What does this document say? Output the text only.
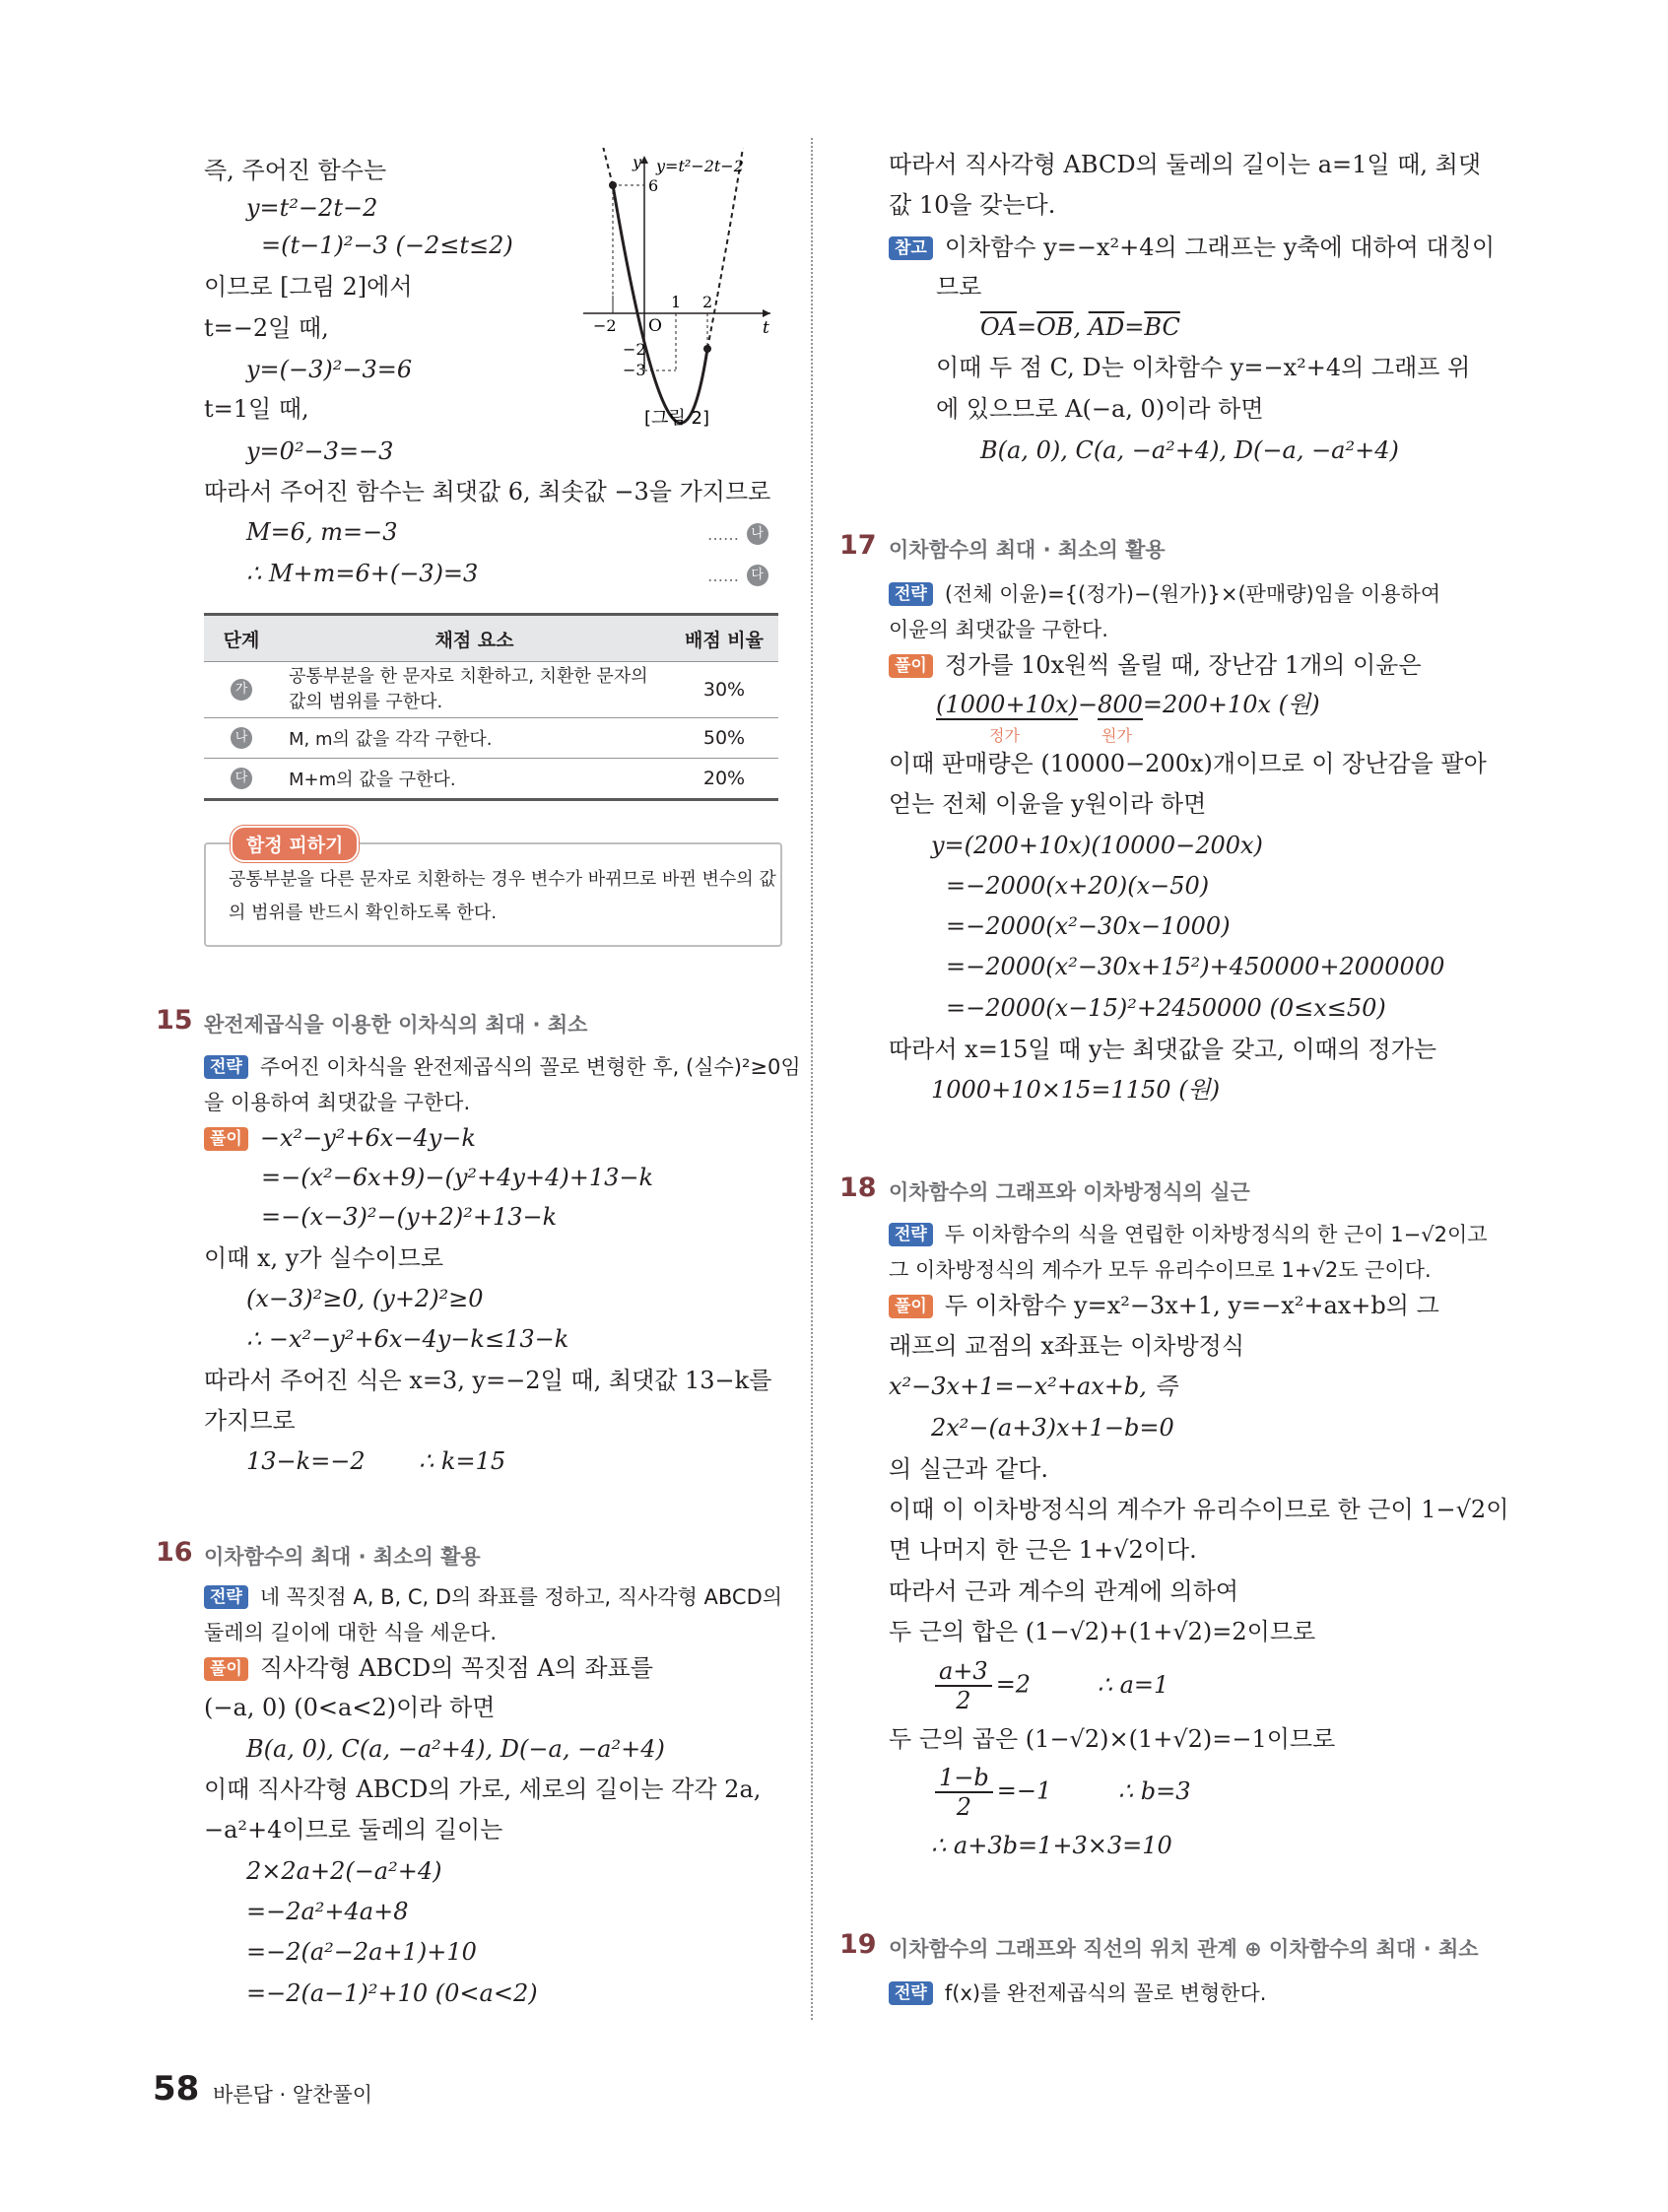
즉, 주어진 함수는
y=t²−2t−2
=(t−1)²−3 (−2≤t≤2)
이므로 [그림 2]에서
t=−2일 때,
y=(−3)²−3=6
t=1일 때,
y=0²−3=−3
따라서 주어진 함수는 최댓값 6, 최솟값 −3을 가지므로
M=6, m=−3	…… 나
∴ M+m=6+(−3)=3	…… 다
y=t²−2t−2
y
t
6
−2 O
1 2
−2
−3
[그림 2]
단계	채점 요소	배점 비율
가	공통부분을 한 문자로 치환하고, 치환한 문자의 값의 범위를 구한다.	30%
나	M, m의 값을 각각 구한다.	50%
다	M+m의 값을 구한다.	20%
함정 피하기
공통부분을 다른 문자로 치환하는 경우 변수가 바뀌므로 바뀐 변수의 값
의 범위를 반드시 확인하도록 한다.
15 완전제곱식을 이용한 이차식의 최대 · 최소
전략 주어진 이차식을 완전제곱식의 꼴로 변형한 후, (실수)²≥0임
을 이용하여 최댓값을 구한다.
풀이 −x²−y²+6x−4y−k
=−(x²−6x+9)−(y²+4y+4)+13−k
=−(x−3)²−(y+2)²+13−k
이때 x, y가 실수이므로
(x−3)²≥0, (y+2)²≥0
∴ −x²−y²+6x−4y−k≤13−k
따라서 주어진 식은 x=3, y=−2일 때, 최댓값 13−k를
가지므로
13−k=−2 ∴ k=15
16 이차함수의 최대 · 최소의 활용
전략 네 꼭짓점 A, B, C, D의 좌표를 정하고, 직사각형 ABCD의
둘레의 길이에 대한 식을 세운다.
풀이 직사각형 ABCD의 꼭짓점 A의 좌표를
(−a, 0) (0<a<2)이라 하면
B(a, 0), C(a, −a²+4), D(−a, −a²+4)
이때 직사각형 ABCD의 가로, 세로의 길이는 각각 2a,
−a²+4이므로 둘레의 길이는
2×2a+2(−a²+4)
=−2a²+4a+8
=−2(a²−2a+1)+10
=−2(a−1)²+10 (0<a<2)
따라서 직사각형 ABCD의 둘레의 길이는 a=1일 때, 최댓
값 10을 갖는다.
참고 이차함수 y=−x²+4의 그래프는 y축에 대하여 대칭이
므로
$\overline{OA}=\overline{OB}$, $\overline{AD}=\overline{BC}$
이때 두 점 C, D는 이차함수 y=−x²+4의 그래프 위
에 있으므로 A(−a, 0)이라 하면
B(a, 0), C(a, −a²+4), D(−a, −a²+4)
17 이차함수의 최대 · 최소의 활용
전략 (전체 이윤)={(정가)−(원가)}×(판매량)임을 이용하여
이윤의 최댓값을 구한다.
풀이 정가를 10x원씩 올릴 때, 장난감 1개의 이윤은
(1000+10x)−800=200+10x (원)
정가	원가
이때 판매량은 (10000−200x)개이므로 이 장난감을 팔아
얻는 전체 이윤을 y원이라 하면
y=(200+10x)(10000−200x)
=−2000(x+20)(x−50)
=−2000(x²−30x−1000)
=−2000(x²−30x+15²)+450000+2000000
=−2000(x−15)²+2450000 (0≤x≤50)
따라서 x=15일 때 y는 최댓값을 갖고, 이때의 정가는
1000+10×15=1150 (원)
18 이차함수의 그래프와 이차방정식의 실근
전략 두 이차함수의 식을 연립한 이차방정식의 한 근이 1−√2이고
그 이차방정식의 계수가 모두 유리수이므로 1+√2도 근이다.
풀이 두 이차함수 y=x²−3x+1, y=−x²+ax+b의 그
래프의 교점의 x좌표는 이차방정식
x²−3x+1=−x²+ax+b, 즉
2x²−(a+3)x+1−b=0
의 실근과 같다.
이때 이 이차방정식의 계수가 유리수이므로 한 근이 1−√2이
면 나머지 한 근은 1+√2이다.
따라서 근과 계수의 관계에 의하여
두 근의 합은 (1−√2)+(1+√2)=2이므로
$\frac{a+3}{2} =2$	∴ a=1
두 근의 곱은 (1−√2)×(1+√2)=−1이므로
$\frac{1-b}{2} =-1$	∴ b=3
∴ a+3b=1+3×3=10
19 이차함수의 그래프와 직선의 위치 관계 ⊕ 이차함수의 최대 · 최소
전략 f(x)를 완전제곱식의 꼴로 변형한다.
58 바른답 · 알찬풀이
